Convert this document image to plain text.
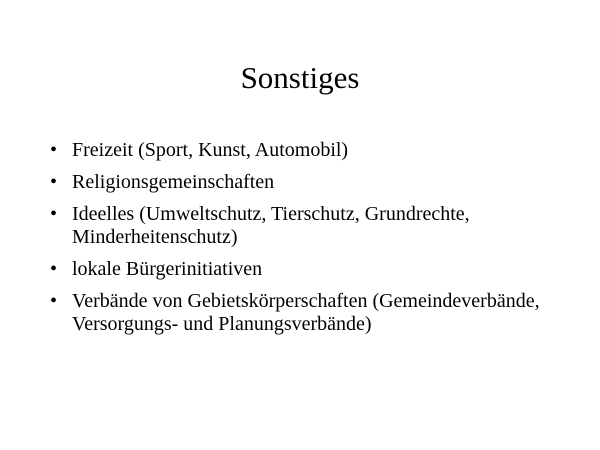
Sonstiges
• Freizeit (Sport, Kunst, Automobil)
• Religionsgemeinschaften
• Ideelles (Umweltschutz, Tierschutz, Grundrechte, Minderheitenschutz)
• lokale Bürgerinitiativen
• Verbände von Gebietskörperschaften (Gemeindeverbände, Versorgungs- und Planungsverbände)
